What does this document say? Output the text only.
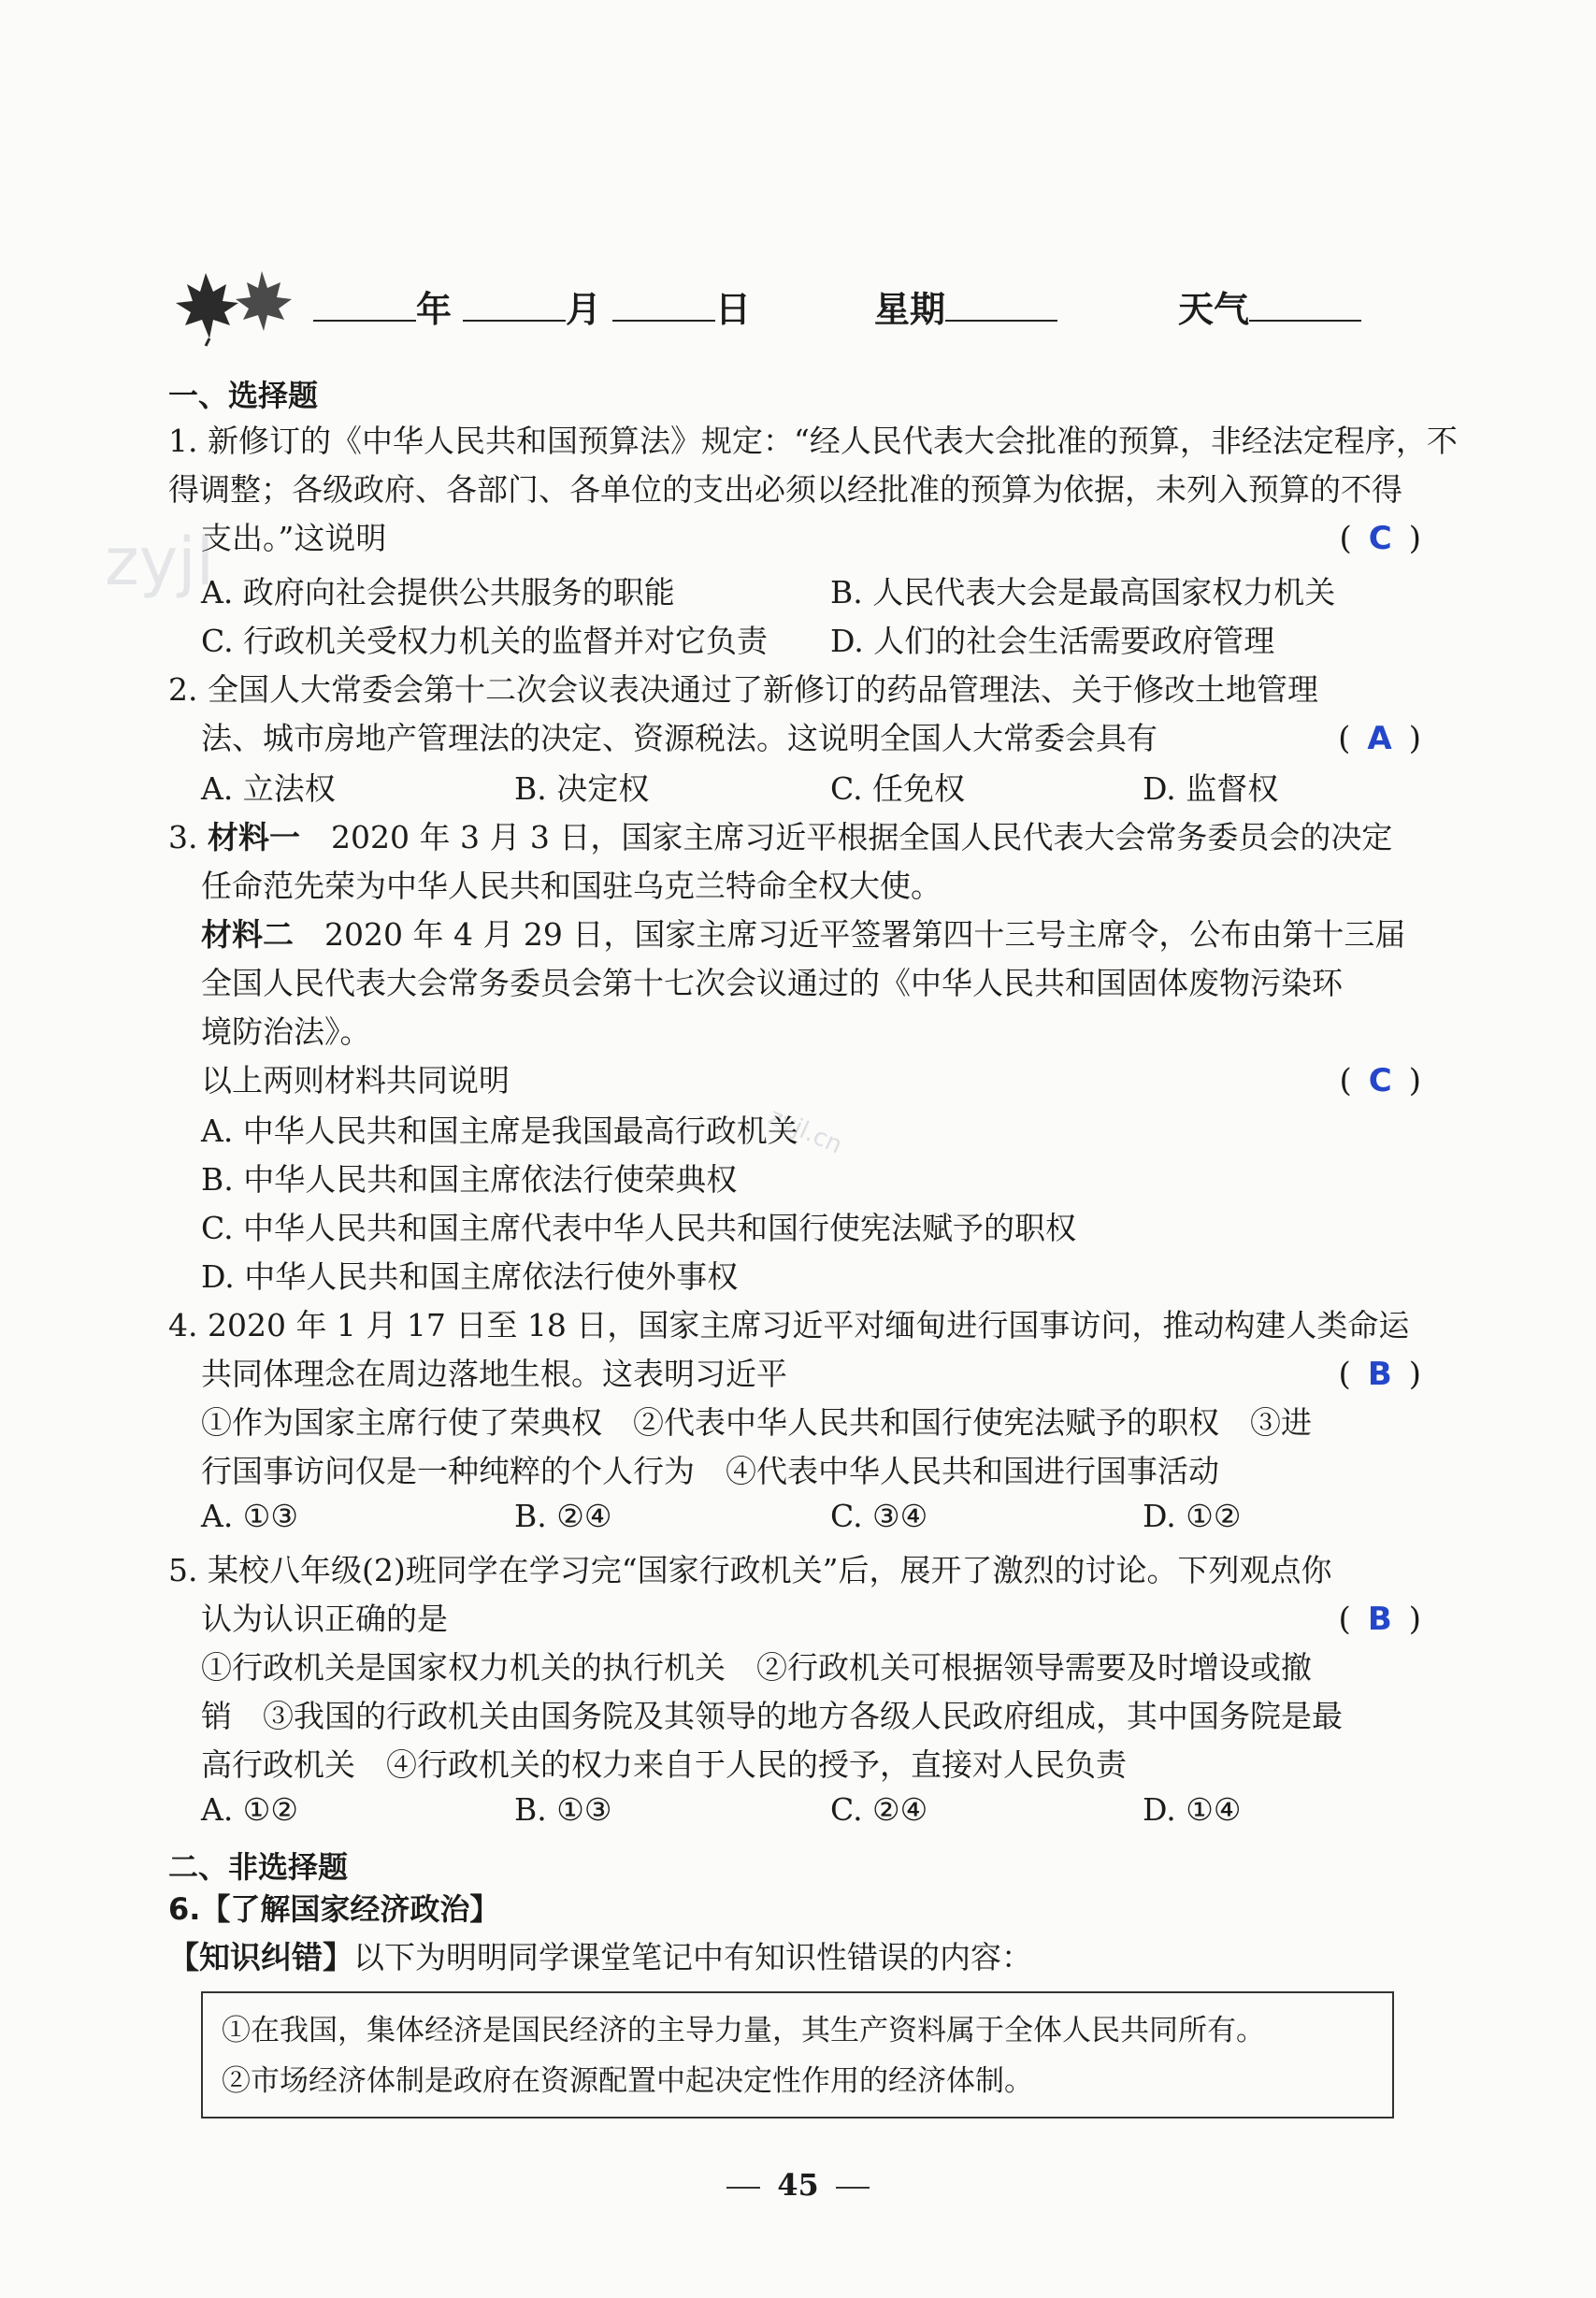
zyjl
zyjl.cn
年	月	日	星期	天气
一、选择题
1. 新修订的《中华人民共和国预算法》规定：“经人民代表大会批准的预算，非经法定程序，不
得调整；各级政府、各部门、各单位的支出必须以经批准的预算为依据，未列入预算的不得
支出。”这说明	( C )
A. 政府向社会提供公共服务的职能	B. 人民代表大会是最高国家权力机关
C. 行政机关受权力机关的监督并对它负责 D. 人们的社会生活需要政府管理
2. 全国人大常委会第十二次会议表决通过了新修订的药品管理法、关于修改土地管理
法、城市房地产管理法的决定、资源税法。这说明全国人大常委会具有	( A )
A. 立法权	B. 决定权	C. 任免权	D. 监督权
3. 材料一　2020 年 3 月 3 日，国家主席习近平根据全国人民代表大会常务委员会的决定
任命范先荣为中华人民共和国驻乌克兰特命全权大使。
材料二　2020 年 4 月 29 日，国家主席习近平签署第四十三号主席令，公布由第十三届
全国人民代表大会常务委员会第十七次会议通过的《中华人民共和国固体废物污染环
境防治法》。
以上两则材料共同说明	( C )
A. 中华人民共和国主席是我国最高行政机关
B. 中华人民共和国主席依法行使荣典权
C. 中华人民共和国主席代表中华人民共和国行使宪法赋予的职权
D. 中华人民共和国主席依法行使外事权
4. 2020 年 1 月 17 日至 18 日，国家主席习近平对缅甸进行国事访问，推动构建人类命运
共同体理念在周边落地生根。这表明习近平	( B )
①作为国家主席行使了荣典权　②代表中华人民共和国行使宪法赋予的职权　③进
行国事访问仅是一种纯粹的个人行为　④代表中华人民共和国进行国事活动
A. ①③	B. ②④	C. ③④	D. ①②
5. 某校八年级(2)班同学在学习完“国家行政机关”后，展开了激烈的讨论。下列观点你
认为认识正确的是	( B )
①行政机关是国家权力机关的执行机关　②行政机关可根据领导需要及时增设或撤
销　③我国的行政机关由国务院及其领导的地方各级人民政府组成，其中国务院是最
高行政机关　④行政机关的权力来自于人民的授予，直接对人民负责
A. ①②	B. ①③	C. ②④	D. ①④
二、非选择题
6.【了解国家经济政治】
【知识纠错】以下为明明同学课堂笔记中有知识性错误的内容：
①在我国，集体经济是国民经济的主导力量，其生产资料属于全体人民共同所有。
②市场经济体制是政府在资源配置中起决定性作用的经济体制。
45
